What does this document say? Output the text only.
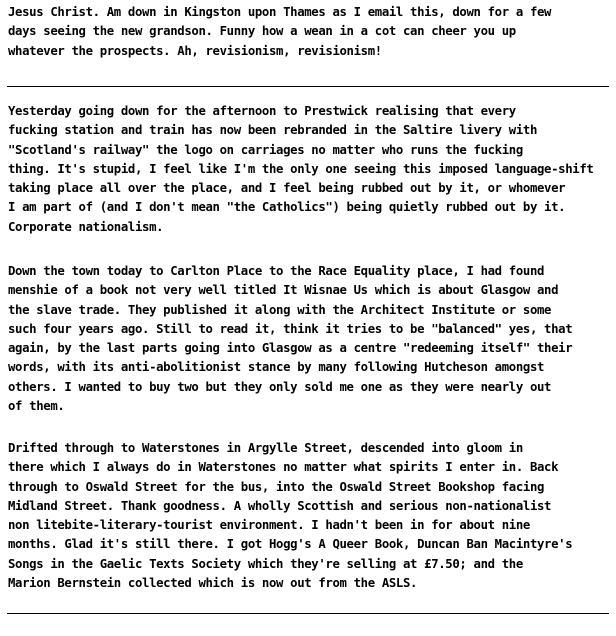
Jesus Christ. Am down in Kingston upon Thames as I email this, down for a few
days seeing the new grandson. Funny how a wean in a cot can cheer you up
whatever the prospects. Ah, revisionism, revisionism!

Yesterday going down for the afternoon to Prestwick realising that every
fucking station and train has now been rebranded in the Saltire livery with
"Scotland's railway" the logo on carriages no matter who runs the fucking
thing. It's stupid, I feel like I'm the only one seeing this imposed language-shift
taking place all over the place, and I feel being rubbed out by it, or whomever
I am part of (and I don't mean "the Catholics") being quietly rubbed out by it.
Corporate nationalism.

Down the town today to Carlton Place to the Race Equality place, I had found
menshie of a book not very well titled It Wisnae Us which is about Glasgow and
the slave trade. They published it along with the Architect Institute or some
such four years ago. Still to read it, think it tries to be "balanced" yes, that
again, by the last parts going into Glasgow as a centre "redeeming itself" their
words, with its anti-abolitionist stance by many following Hutcheson amongst
others. I wanted to buy two but they only sold me one as they were nearly out
of them.

Drifted through to Waterstones in Argylle Street, descended into gloom in
there which I always do in Waterstones no matter what spirits I enter in. Back
through to Oswald Street for the bus, into the Oswald Street Bookshop facing
Midland Street. Thank goodness. A wholly Scottish and serious non-nationalist
non litebite-literary-tourist environment. I hadn't been in for about nine
months. Glad it's still there. I got Hogg's A Queer Book, Duncan Ban Macintyre's
Songs in the Gaelic Texts Society which they're selling at £7.50; and the
Marion Bernstein collected which is now out from the ASLS.
